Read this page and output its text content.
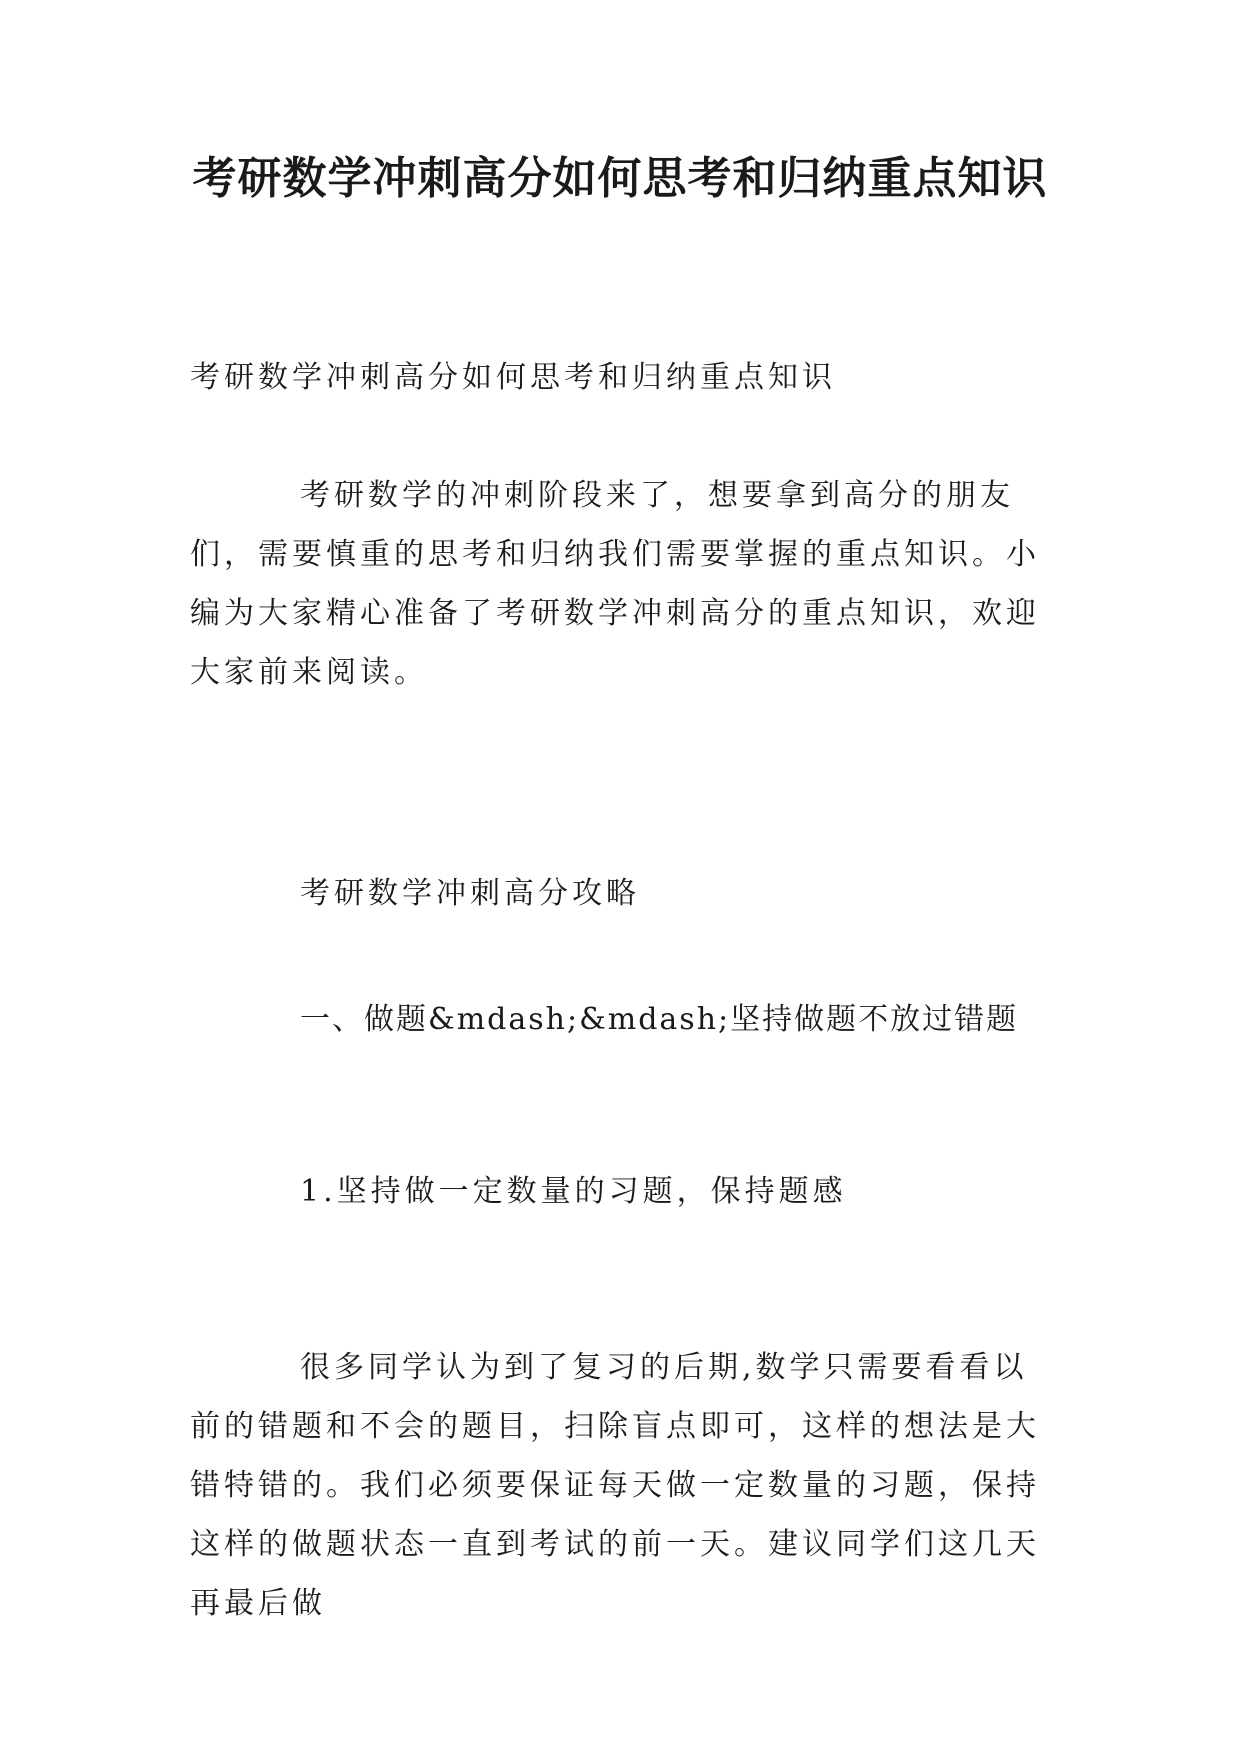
考研数学冲刺高分如何思考和归纳重点知识

考研数学冲刺高分如何思考和归纳重点知识

考研数学的冲刺阶段来了，想要拿到高分的朋友们，需要慎重的思考和归纳我们需要掌握的重点知识。小编为大家精心准备了考研数学冲刺高分的重点知识，欢迎大家前来阅读。

考研数学冲刺高分攻略

一、做题&mdash;&mdash;坚持做题不放过错题

1.坚持做一定数量的习题，保持题感

很多同学认为到了复习的后期,数学只需要看看以前的错题和不会的题目，扫除盲点即可，这样的想法是大错特错的。我们必须要保证每天做一定数量的习题，保持这样的做题状态一直到考试的前一天。建议同学们这几天再最后做
